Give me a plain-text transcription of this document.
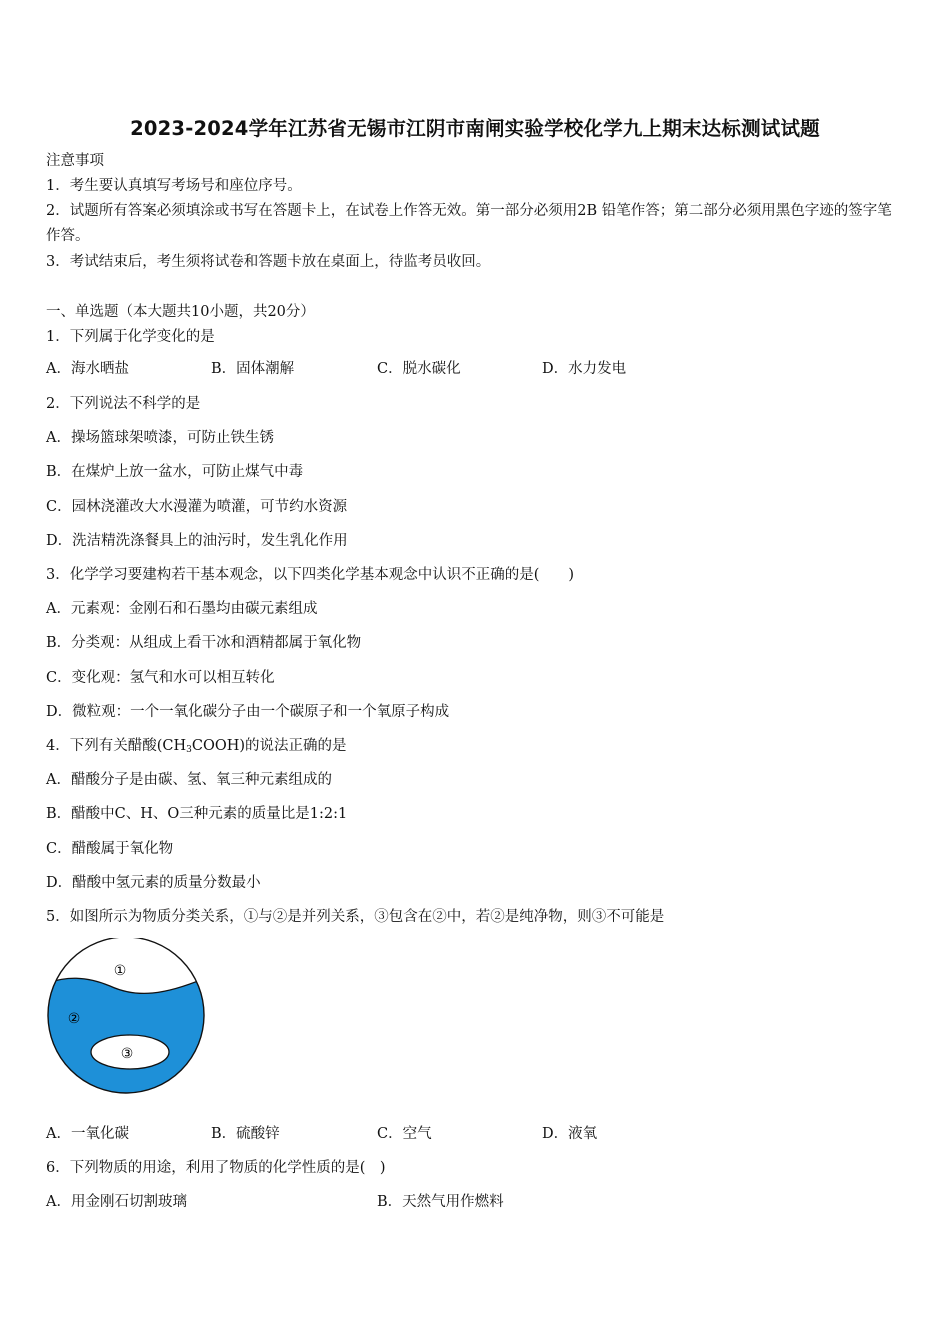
2023-2024学年江苏省无锡市江阴市南闸实验学校化学九上期末达标测试试题
注意事项
1．考生要认真填写考场号和座位序号。
2．试题所有答案必须填涂或书写在答题卡上，在试卷上作答无效。第一部分必须用2B 铅笔作答；第二部分必须用黑色字迹的签字笔作答。
3．考试结束后，考生须将试卷和答题卡放在桌面上，待监考员收回。
一、单选题（本大题共10小题，共20分）
1．下列属于化学变化的是
A．海水晒盐	B．固体潮解	C．脱水碳化	D．水力发电
2．下列说法不科学的是
A．操场篮球架喷漆，可防止铁生锈
B．在煤炉上放一盆水，可防止煤气中毒
C．园林浇灌改大水漫灌为喷灌，可节约水资源
D．洗洁精洗涤餐具上的油污时，发生乳化作用
3．化学学习要建构若干基本观念，以下四类化学基本观念中认识不正确的是(　　)
A．元素观：金刚石和石墨均由碳元素组成
B．分类观：从组成上看干冰和酒精都属于氧化物
C．变化观：氢气和水可以相互转化
D．微粒观：一个一氧化碳分子由一个碳原子和一个氧原子构成
4．下列有关醋酸$(CH_3COOH)$的说法正确的是
A．醋酸分子是由碳、氢、氧三种元素组成的
B．醋酸中C、H、O三种元素的质量比是1:2:1
C．醋酸属于氧化物
D．醋酸中氢元素的质量分数最小
5．如图所示为物质分类关系，①与②是并列关系，③包含在②中，若②是纯净物，则③不可能是
①
②
③
A．一氧化碳	B．硫酸锌	C．空气	D．液氧
6．下列物质的用途，利用了物质的化学性质的是(　)
A．用金刚石切割玻璃	B．天然气用作燃料
